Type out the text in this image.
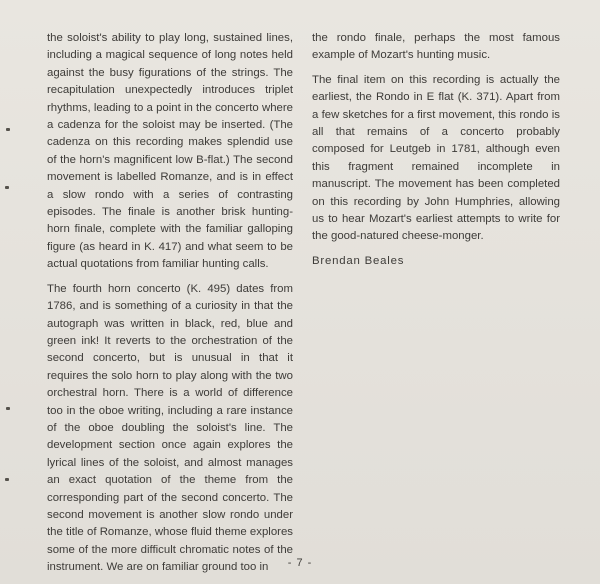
the soloist's ability to play long, sustained lines, including a magical sequence of long notes held against the busy figurations of the strings. The recapitulation unexpectedly introduces triplet rhythms, leading to a point in the concerto where a cadenza for the soloist may be inserted. (The cadenza on this recording makes splendid use of the horn's magnificent low B-flat.) The second movement is labelled Romanze, and is in effect a slow rondo with a series of contrasting episodes. The finale is another brisk hunting-horn finale, complete with the familiar galloping figure (as heard in K. 417) and what seem to be actual quotations from familiar hunting calls.

The fourth horn concerto (K. 495) dates from 1786, and is something of a curiosity in that the autograph was written in black, red, blue and green ink! It reverts to the orchestration of the second concerto, but is unusual in that it requires the solo horn to play along with the two orchestral horn. There is a world of difference too in the oboe writing, including a rare instance of the oboe doubling the soloist's line. The development section once again explores the lyrical lines of the soloist, and almost manages an exact quotation of the theme from the corresponding part of the second concerto. The second movement is another slow rondo under the title of Romanze, whose fluid theme explores some of the more difficult chromatic notes of the instrument. We are on familiar ground too in

the rondo finale, perhaps the most famous example of Mozart's hunting music.

The final item on this recording is actually the earliest, the Rondo in E flat (K. 371). Apart from a few sketches for a first movement, this rondo is all that remains of a concerto probably composed for Leutgeb in 1781, although even this fragment remained incomplete in manuscript. The movement has been completed on this recording by John Humphries, allowing us to hear Mozart's earliest attempts to write for the good-natured cheese-monger.

Brendan Beales

- 7 -
